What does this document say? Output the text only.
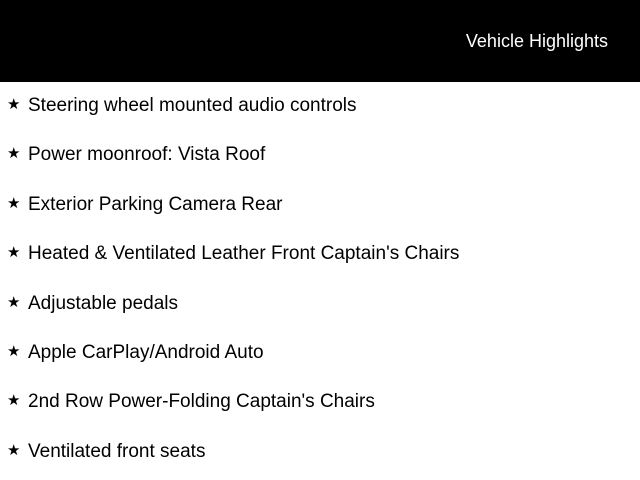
Vehicle Highlights
★ Steering wheel mounted audio controls
★ Power moonroof: Vista Roof
★ Exterior Parking Camera Rear
★ Heated & Ventilated Leather Front Captain's Chairs
★ Adjustable pedals
★ Apple CarPlay/Android Auto
★ 2nd Row Power-Folding Captain's Chairs
★ Ventilated front seats
